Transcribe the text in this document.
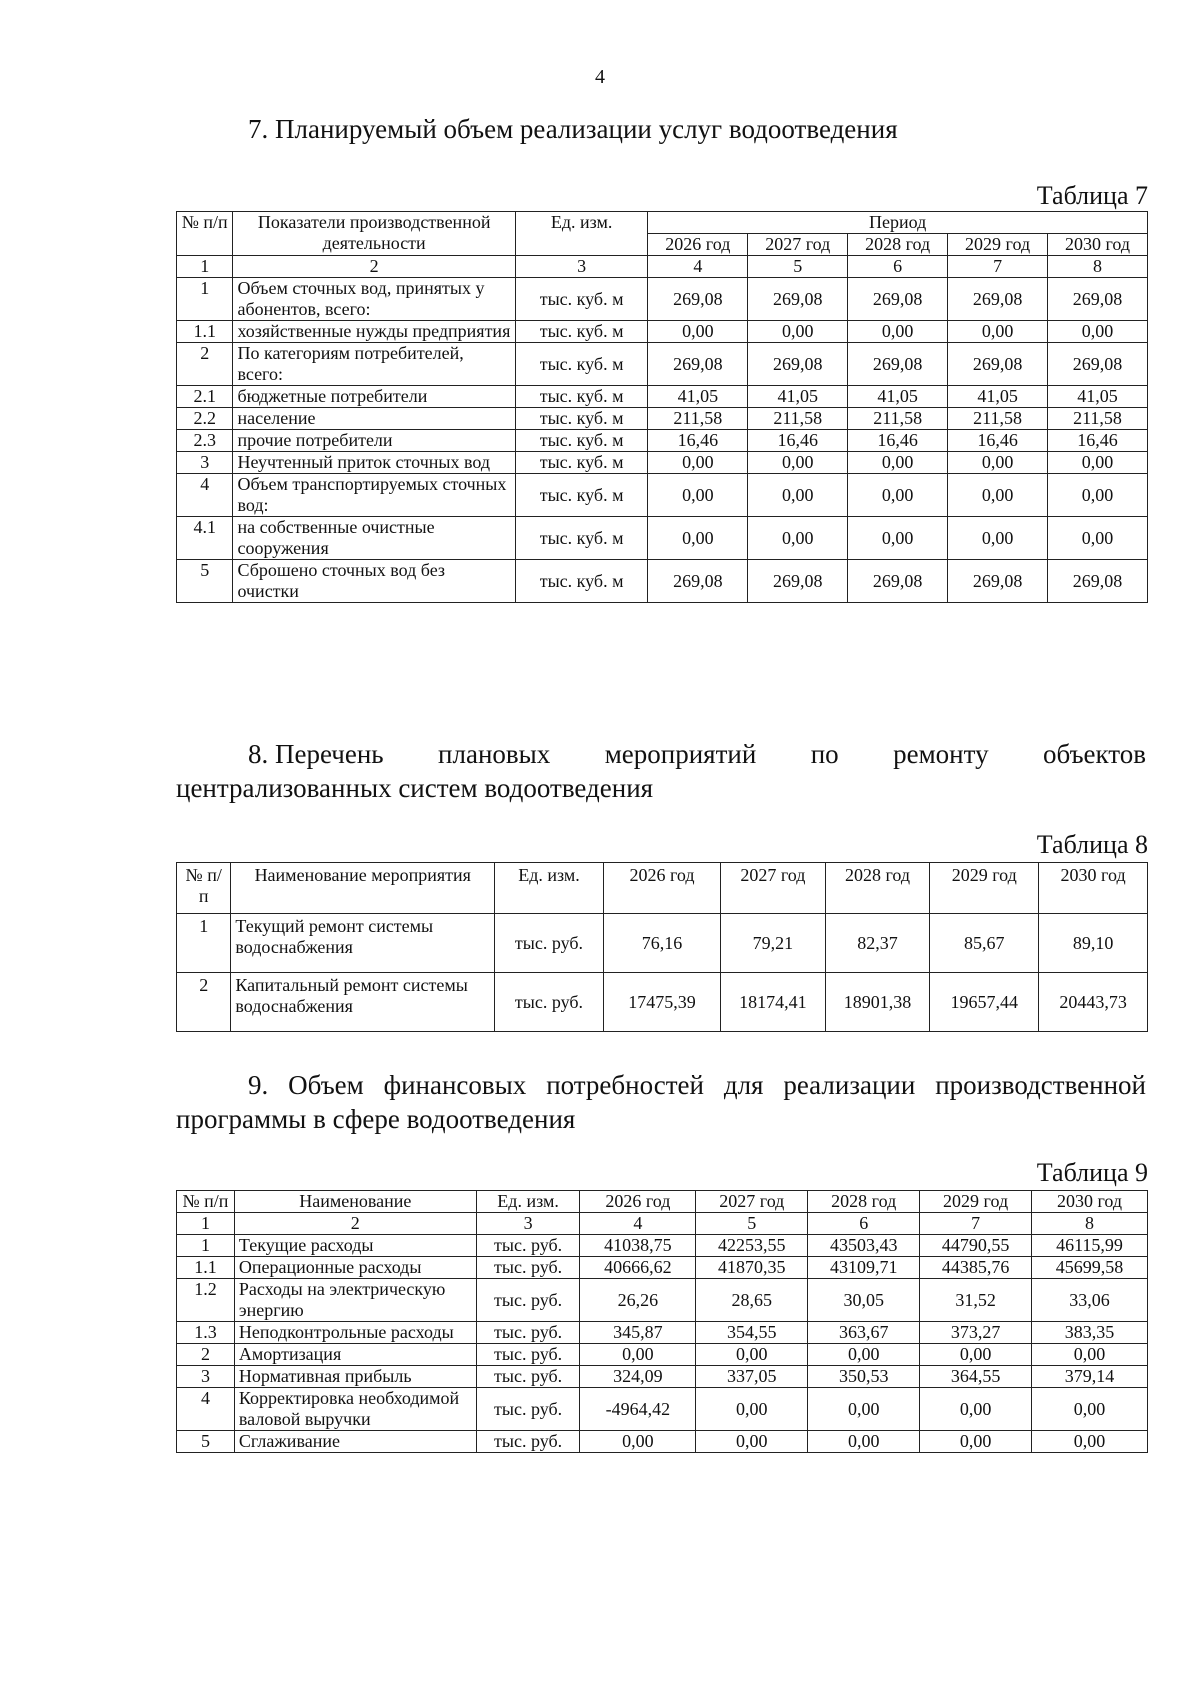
4
7. Планируемый объем реализации услуг водоотведения
Таблица 7
№ п/п	Показатели производственной деятельности	Ед. изм.	Период				
			2026 год	2027 год	2028 год	2029 год	2030 год
1	2	3	4	5	6	7	8
1	Объем сточных вод, принятых у абонентов, всего:	тыс. куб. м	269,08	269,08	269,08	269,08	269,08
1.1	хозяйственные нужды предприятия	тыс. куб. м	0,00	0,00	0,00	0,00	0,00
2	По категориям потребителей, всего:	тыс. куб. м	269,08	269,08	269,08	269,08	269,08
2.1	бюджетные потребители	тыс. куб. м	41,05	41,05	41,05	41,05	41,05
2.2	население	тыс. куб. м	211,58	211,58	211,58	211,58	211,58
2.3	прочие потребители	тыс. куб. м	16,46	16,46	16,46	16,46	16,46
3	Неучтенный приток сточных вод	тыс. куб. м	0,00	0,00	0,00	0,00	0,00
4	Объем транспортируемых сточных вод:	тыс. куб. м	0,00	0,00	0,00	0,00	0,00
4.1	на собственные очистные сооружения	тыс. куб. м	0,00	0,00	0,00	0,00	0,00
5	Сброшено сточных вод без очистки	тыс. куб. м	269,08	269,08	269,08	269,08	269,08
8. Перечень плановых мероприятий по ремонту объектов
централизованных систем водоотведения
Таблица 8
№ п/п	Наименование мероприятия	Ед. изм.	2026 год	2027 год	2028 год	2029 год	2030 год
1	Текущий ремонт системы водоснабжения	тыс. руб.	76,16	79,21	82,37	85,67	89,10
2	Капитальный ремонт системы водоснабжения	тыс. руб.	17475,39	18174,41	18901,38	19657,44	20443,73
9. Объем финансовых потребностей для реализации производственной
программы в сфере водоотведения
Таблица 9
№ п/п	Наименование	Ед. изм.	2026 год	2027 год	2028 год	2029 год	2030 год
1	2	3	4	5	6	7	8
1	Текущие расходы	тыс. руб.	41038,75	42253,55	43503,43	44790,55	46115,99
1.1	Операционные расходы	тыс. руб.	40666,62	41870,35	43109,71	44385,76	45699,58
1.2	Расходы на электрическую энергию	тыс. руб.	26,26	28,65	30,05	31,52	33,06
1.3	Неподконтрольные расходы	тыс. руб.	345,87	354,55	363,67	373,27	383,35
2	Амортизация	тыс. руб.	0,00	0,00	0,00	0,00	0,00
3	Нормативная прибыль	тыс. руб.	324,09	337,05	350,53	364,55	379,14
4	Корректировка необходимой валовой выручки	тыс. руб.	-4964,42	0,00	0,00	0,00	0,00
5	Сглаживание	тыс. руб.	0,00	0,00	0,00	0,00	0,00
